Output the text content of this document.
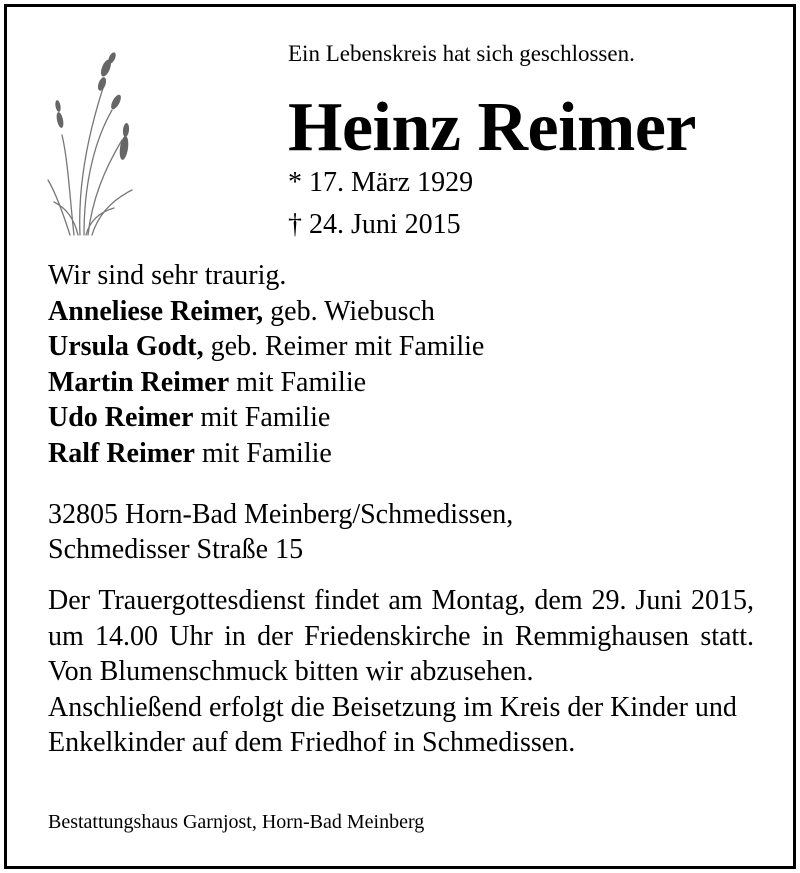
Ein Lebenskreis hat sich geschlossen.
Heinz Reimer
* 17. März 1929
† 24. Juni 2015
Wir sind sehr traurig.
Anneliese Reimer, geb. Wiebusch
Ursula Godt, geb. Reimer mit Familie
Martin Reimer mit Familie
Udo Reimer mit Familie
Ralf Reimer mit Familie
32805 Horn-Bad Meinberg/Schmedissen,
Schmedisser Straße 15

Der Trauergottesdienst findet am Montag, dem 29. Juni 2015, um 14.00 Uhr in der Friedenskirche in Remmighausen statt. Von Blumenschmuck bitten wir abzusehen.

Anschließend erfolgt die Beisetzung im Kreis der Kinder und Enkelkinder auf dem Friedhof in Schmedissen.

Bestattungshaus Garnjost, Horn-Bad Meinberg
